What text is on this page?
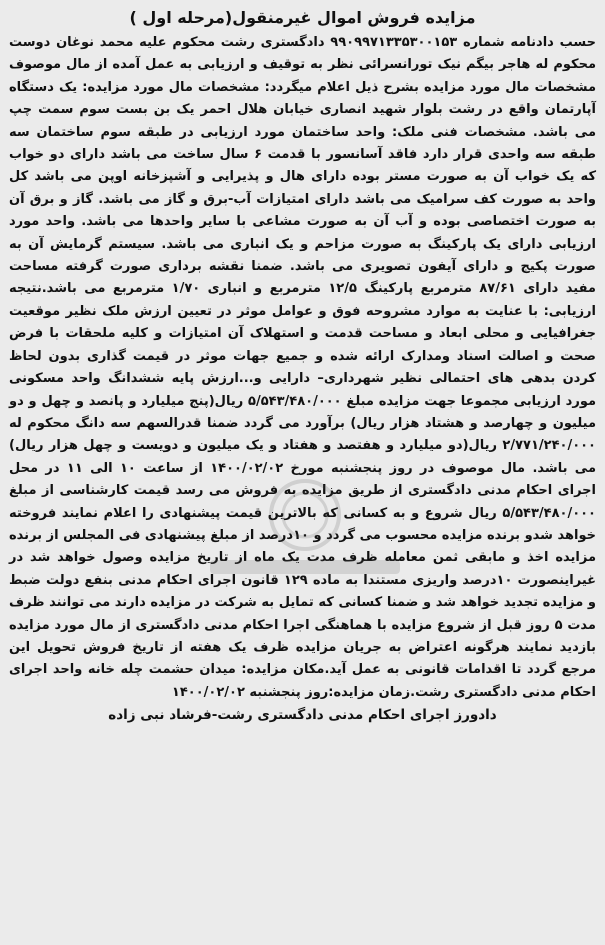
مزایده فروش اموال غیرمنقول(مرحله اول )

حسب دادنامه شماره ۹۹۰۹۹۷۱۳۳۵۳۰۰۱۵۳ دادگستری رشت محکوم علیه محمد نوغان دوست محکوم له هاجر بیگم نیک تورانسرائی نظر به توقیف و ارزیابی به عمل آمده از مال موصوف مشخصات مال مورد مزایده بشرح ذیل اعلام میگردد: مشخصات مال مورد مزایده: یک دستگاه آپارتمان واقع در رشت بلوار شهید انصاری خیابان هلال احمر یک بن بست سوم سمت چپ می باشد. مشخصات فنی ملک: واحد ساختمان مورد ارزیابی در طبقه سوم ساختمان سه طبقه سه واحدی قرار دارد فاقد آسانسور با قدمت ۶ سال ساخت می باشد دارای دو خواب که یک خواب آن به صورت مستر بوده دارای هال و پذیرایی و آشپزخانه اوپن می باشد کل واحد به صورت کف سرامیک می باشد دارای امتیازات آب-برق و گاز می باشد. گاز و برق آن به صورت اختصاصی بوده و آب آن به صورت مشاعی با سایر واحدها می باشد. واحد مورد ارزیابی دارای یک پارکینگ به صورت مزاحم و یک انباری می باشد. سیستم گرمایش آن به صورت پکیج و دارای آیفون تصویری می باشد. ضمنا نقشه برداری صورت گرفته مساحت مفید دارای ۸۷/۶۱ مترمربع پارکینگ ۱۲/۵ مترمربع و انباری ۱/۷۰ مترمربع می باشد.نتیجه ارزیابی: با عنایت به موارد مشروحه فوق و عوامل موثر در تعیین ارزش ملک نظیر موقعیت جغرافیایی و محلی ابعاد و مساحت قدمت و استهلاک آن امتیازات و کلیه ملحقات با فرض صحت و اصالت اسناد ومدارک ارائه شده و جمیع جهات موثر در قیمت گذاری بدون لحاظ کردن بدهی های احتمالی نظیر شهرداری– دارایی و...ارزش پایه ششدانگ واحد مسکونی مورد ارزیابی مجموعا جهت مزایده مبلغ ۵/۵۴۳/۴۸۰/۰۰۰ ریال(پنج میلیارد و پانصد و چهل و دو میلیون و چهارصد و هشتاد هزار ریال) برآورد می گردد ضمنا قدرالسهم سه دانگ محکوم له ۲/۷۷۱/۲۴۰/۰۰۰ ریال(دو میلیارد و هفتصد و هفتاد و یک میلیون و دویست و چهل هزار ریال) می باشد. مال موصوف در روز پنجشنبه مورخ ۱۴۰۰/۰۲/۰۲ از ساعت ۱۰ الی ۱۱ در محل اجرای احکام مدنی دادگستری از طریق مزایده به فروش می رسد قیمت کارشناسی از مبلغ ۵/۵۴۳/۴۸۰/۰۰۰ ریال شروع و به کسانی که بالاترین قیمت پیشنهادی را اعلام نمایند فروخته خواهد شدو برنده مزایده محسوب می گردد و ۱۰درصد از مبلغ پیشنهادی فی المجلس از برنده مزایده اخذ و مابقی ثمن معامله ظرف مدت یک ماه از تاریخ مزایده وصول خواهد شد در غیراینصورت ۱۰درصد واریزی مستندا به ماده ۱۲۹ قانون اجرای احکام مدنی بنفع دولت ضبط و مزایده تجدید خواهد شد و ضمنا کسانی که تمایل به شرکت در مزایده دارند می توانند ظرف مدت ۵ روز قبل از شروع مزایده با هماهنگی اجرا احکام مدنی دادگستری از مال مورد مزایده بازدید نمایند هرگونه اعتراض به جریان مزایده ظرف یک هفته از تاریخ فروش تحویل این مرجع گردد تا اقدامات قانونی به عمل آید.مکان مزایده: میدان حشمت چله خانه واحد اجرای احکام مدنی دادگستری رشت.زمان مزایده:روز پنجشنبه ۱۴۰۰/۰۲/۰۲

دادورز اجرای احکام مدنی دادگستری رشت-فرشاد نبی زاده
